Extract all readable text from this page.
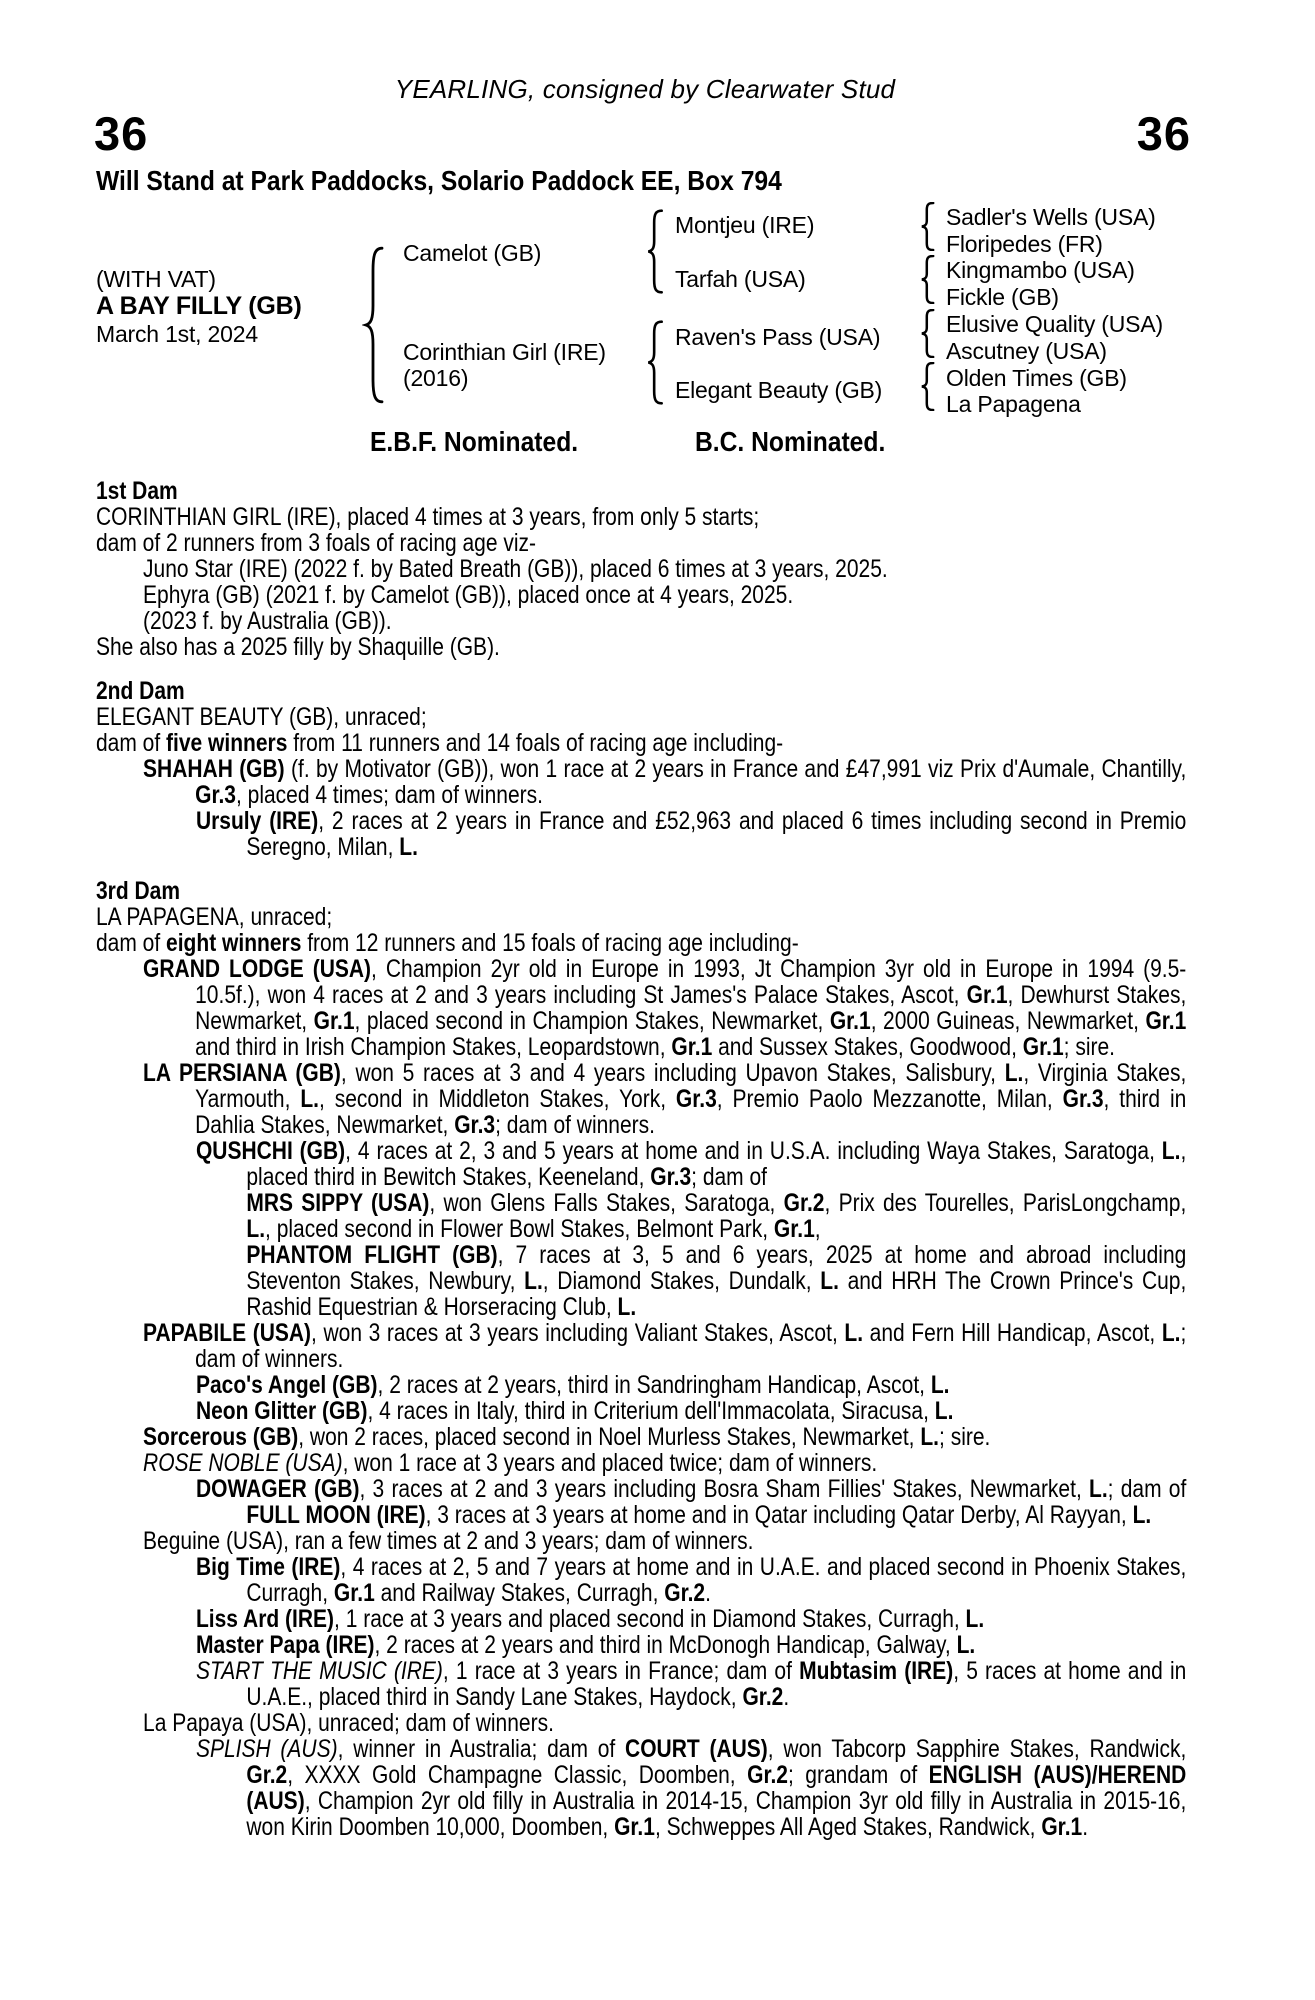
YEARLING, consigned by Clearwater Stud
36	36
Will Stand at Park Paddocks, Solario Paddock EE, Box 794
(WITH VAT)
A BAY FILLY (GB)
March 1st, 2024
Camelot (GB)
Corinthian Girl (IRE)
(2016)
Montjeu (IRE)
Tarfah (USA)
Raven's Pass (USA)
Elegant Beauty (GB)
Sadler's Wells (USA)
Floripedes (FR)
Kingmambo (USA)
Fickle (GB)
Elusive Quality (USA)
Ascutney (USA)
Olden Times (GB)
La Papagena
E.B.F. Nominated.	B.C. Nominated.
1st Dam
CORINTHIAN GIRL (IRE), placed 4 times at 3 years, from only 5 starts;
dam of 2 runners from 3 foals of racing age viz-
Juno Star (IRE) (2022 f. by Bated Breath (GB)), placed 6 times at 3 years, 2025.
Ephyra (GB) (2021 f. by Camelot (GB)), placed once at 4 years, 2025.
(2023 f. by Australia (GB)).
She also has a 2025 filly by Shaquille (GB).
2nd Dam
ELEGANT BEAUTY (GB), unraced;
dam of five winners from 11 runners and 14 foals of racing age including-
SHAHAH (GB) (f. by Motivator (GB)), won 1 race at 2 years in France and £47,991 viz Prix d'Aumale, Chantilly, Gr.3, placed 4 times; dam of winners.
Ursuly (IRE), 2 races at 2 years in France and £52,963 and placed 6 times including second in Premio Seregno, Milan, L.
3rd Dam
LA PAPAGENA, unraced;
dam of eight winners from 12 runners and 15 foals of racing age including-
GRAND LODGE (USA), Champion 2yr old in Europe in 1993, Jt Champion 3yr old in Europe in 1994 (9.5-10.5f.), won 4 races at 2 and 3 years including St James's Palace Stakes, Ascot, Gr.1, Dewhurst Stakes, Newmarket, Gr.1, placed second in Champion Stakes, Newmarket, Gr.1, 2000 Guineas, Newmarket, Gr.1 and third in Irish Champion Stakes, Leopardstown, Gr.1 and Sussex Stakes, Goodwood, Gr.1; sire.
LA PERSIANA (GB), won 5 races at 3 and 4 years including Upavon Stakes, Salisbury, L., Virginia Stakes, Yarmouth, L., second in Middleton Stakes, York, Gr.3, Premio Paolo Mezzanotte, Milan, Gr.3, third in Dahlia Stakes, Newmarket, Gr.3; dam of winners.
QUSHCHI (GB), 4 races at 2, 3 and 5 years at home and in U.S.A. including Waya Stakes, Saratoga, L., placed third in Bewitch Stakes, Keeneland, Gr.3; dam of
MRS SIPPY (USA), won Glens Falls Stakes, Saratoga, Gr.2, Prix des Tourelles, ParisLongchamp, L., placed second in Flower Bowl Stakes, Belmont Park, Gr.1,
PHANTOM FLIGHT (GB), 7 races at 3, 5 and 6 years, 2025 at home and abroad including Steventon Stakes, Newbury, L., Diamond Stakes, Dundalk, L. and HRH The Crown Prince's Cup, Rashid Equestrian & Horseracing Club, L.
PAPABILE (USA), won 3 races at 3 years including Valiant Stakes, Ascot, L. and Fern Hill Handicap, Ascot, L.; dam of winners.
Paco's Angel (GB), 2 races at 2 years, third in Sandringham Handicap, Ascot, L.
Neon Glitter (GB), 4 races in Italy, third in Criterium dell'Immacolata, Siracusa, L.
Sorcerous (GB), won 2 races, placed second in Noel Murless Stakes, Newmarket, L.; sire.
ROSE NOBLE (USA), won 1 race at 3 years and placed twice; dam of winners.
DOWAGER (GB), 3 races at 2 and 3 years including Bosra Sham Fillies' Stakes, Newmarket, L.; dam of FULL MOON (IRE), 3 races at 3 years at home and in Qatar including Qatar Derby, Al Rayyan, L.
Beguine (USA), ran a few times at 2 and 3 years; dam of winners.
Big Time (IRE), 4 races at 2, 5 and 7 years at home and in U.A.E. and placed second in Phoenix Stakes, Curragh, Gr.1 and Railway Stakes, Curragh, Gr.2.
Liss Ard (IRE), 1 race at 3 years and placed second in Diamond Stakes, Curragh, L.
Master Papa (IRE), 2 races at 2 years and third in McDonogh Handicap, Galway, L.
START THE MUSIC (IRE), 1 race at 3 years in France; dam of Mubtasim (IRE), 5 races at home and in U.A.E., placed third in Sandy Lane Stakes, Haydock, Gr.2.
La Papaya (USA), unraced; dam of winners.
SPLISH (AUS), winner in Australia; dam of COURT (AUS), won Tabcorp Sapphire Stakes, Randwick, Gr.2, XXXX Gold Champagne Classic, Doomben, Gr.2; grandam of ENGLISH (AUS)/HEREND (AUS), Champion 2yr old filly in Australia in 2014-15, Champion 3yr old filly in Australia in 2015-16, won Kirin Doomben 10,000, Doomben, Gr.1, Schweppes All Aged Stakes, Randwick, Gr.1.
